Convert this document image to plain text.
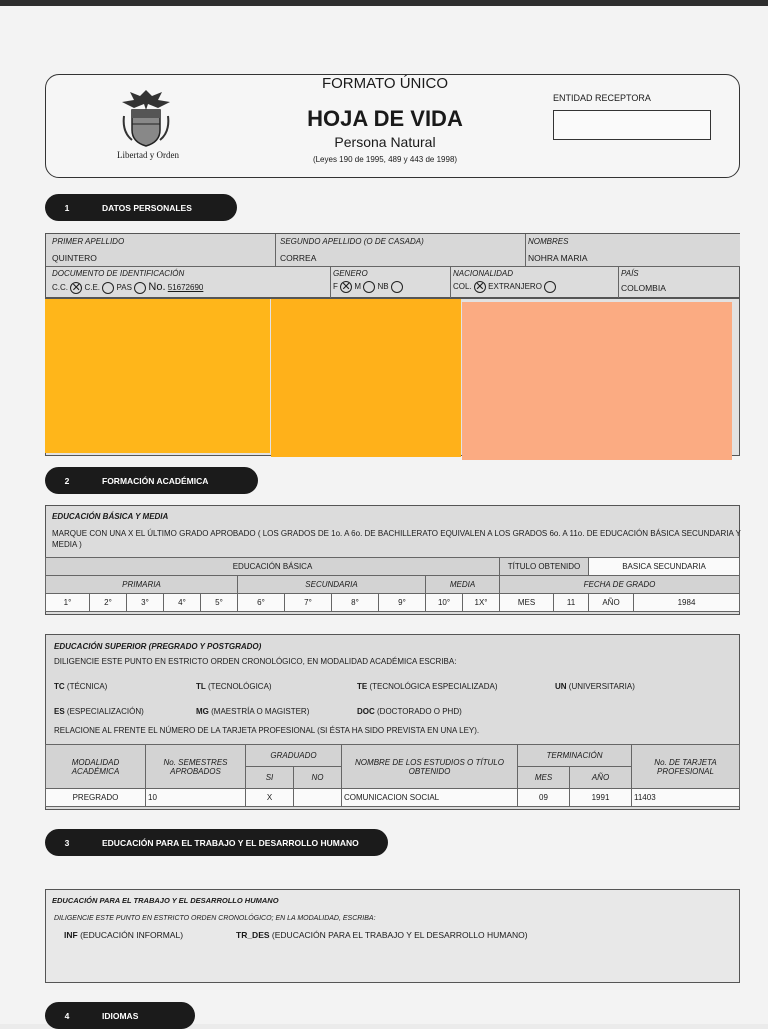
Libertad y Orden
FORMATO ÚNICO
HOJA DE VIDA
Persona Natural
(Leyes 190 de 1995, 489 y 443 de 1998)
ENTIDAD RECEPTORA
1	DATOS PERSONALES
PRIMER APELLIDO
QUINTERO
SEGUNDO APELLIDO (O DE CASADA)
CORREA
NOMBRES
NOHRA MARIA
DOCUMENTO DE IDENTIFICACIÓN
C.C. ✕ C.E. PAS No. 51672690
GENERO
F ✕ M NB
NACIONALIDAD
COL. ✕ EXTRANJERO
PAÍS
COLOMBIA
2	FORMACIÓN ACADÉMICA
EDUCACIÓN BÁSICA Y MEDIA
MARQUE CON UNA X EL ÚLTIMO GRADO APROBADO ( LOS GRADOS DE 1o. A 6o. DE BACHILLERATO EQUIVALEN A LOS GRADOS 6o. A 11o. DE EDUCACIÓN BÁSICA SECUNDARIA Y MEDIA )
EDUCACIÓN BÁSICA											TÍTULO OBTENIDO		BASICA SECUNDARIA	
PRIMARIA					SECUNDARIA				MEDIA		FECHA DE GRADO			
1°	2°	3°	4°	5°	6°	7°	8°	9°	10°	1X°	MES	11	AÑO	1984
EDUCACIÓN SUPERIOR (PREGRADO Y POSTGRADO)
DILIGENCIE ESTE PUNTO EN ESTRICTO ORDEN CRONOLÓGICO, EN MODALIDAD ACADÉMICA ESCRIBA:
TC (TÉCNICA)	TL (TECNOLÓGICA)	TE (TECNOLÓGICA ESPECIALIZADA)	UN (UNIVERSITARIA)
ES (ESPECIALIZACIÓN)	MG (MAESTRÍA O MAGISTER)	DOC (DOCTORADO O PHD)
RELACIONE AL FRENTE EL NÚMERO DE LA TARJETA PROFESIONAL (SI ÉSTA HA SIDO PREVISTA EN UNA LEY).
MODALIDAD ACADÉMICA	No. SEMESTRES APROBADOS	GRADUADO		NOMBRE DE LOS ESTUDIOS O TÍTULO OBTENIDO	TERMINACIÓN		No. DE TARJETA PROFESIONAL
		SI	NO		MES	AÑO	
PREGRADO	10	X		COMUNICACION SOCIAL	09	1991	11403
3	EDUCACIÓN PARA EL TRABAJO Y EL DESARROLLO HUMANO
EDUCACIÓN PARA EL TRABAJO Y EL DESARROLLO HUMANO
DILIGENCIE ESTE PUNTO EN ESTRICTO ORDEN CRONOLÓGICO; EN LA MODALIDAD, ESCRIBA:
INF (EDUCACIÓN INFORMAL)	TR_DES (EDUCACIÓN PARA EL TRABAJO Y EL DESARROLLO HUMANO)
4	IDIOMAS
